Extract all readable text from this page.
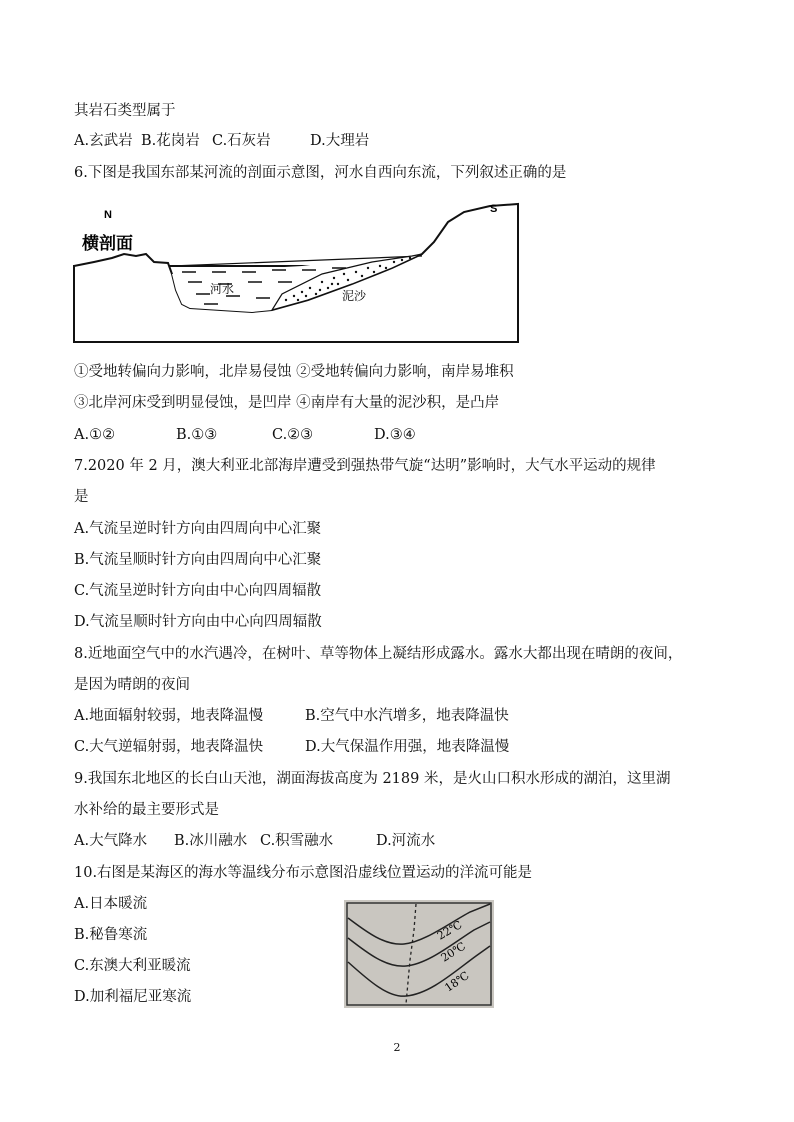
其岩石类型属于

A.玄武岩 B.花岗岩 C.石灰岩	D.大理岩

6.下图是我国东部某河流的剖面示意图，河水自西向东流，下列叙述正确的是

N	S
横剖面
河水	泥沙

①受地转偏向力影响，北岸易侵蚀 ②受地转偏向力影响，南岸易堆积

③北岸河床受到明显侵蚀，是凹岸 ④南岸有大量的泥沙积，是凸岸

A.①②	B.①③	C.②③	D.③④

7.2020 年 2 月，澳大利亚北部海岸遭受到强热带气旋“达明”影响时，大气水平运动的规律

是

A.气流呈逆时针方向由四周向中心汇聚

B.气流呈顺时针方向由四周向中心汇聚

C.气流呈逆时针方向由中心向四周辐散

D.气流呈顺时针方向由中心向四周辐散

8.近地面空气中的水汽遇冷，在树叶、草等物体上凝结形成露水。露水大都出现在晴朗的夜间，

是因为晴朗的夜间

A.地面辐射较弱，地表降温慢	B.空气中水汽增多，地表降温快

C.大气逆辐射弱，地表降温快	D.大气保温作用强，地表降温慢

9.我国东北地区的长白山天池，湖面海拔高度为 2189 米，是火山口积水形成的湖泊，这里湖

水补给的最主要形式是

A.大气降水 B.冰川融水 C.积雪融水	D.河流水

10.右图是某海区的海水等温线分布示意图沿虚线位置运动的洋流可能是

A.日本暖流

B.秘鲁寒流

C.东澳大利亚暖流

D.加利福尼亚寒流

22℃
20℃
18℃
2
